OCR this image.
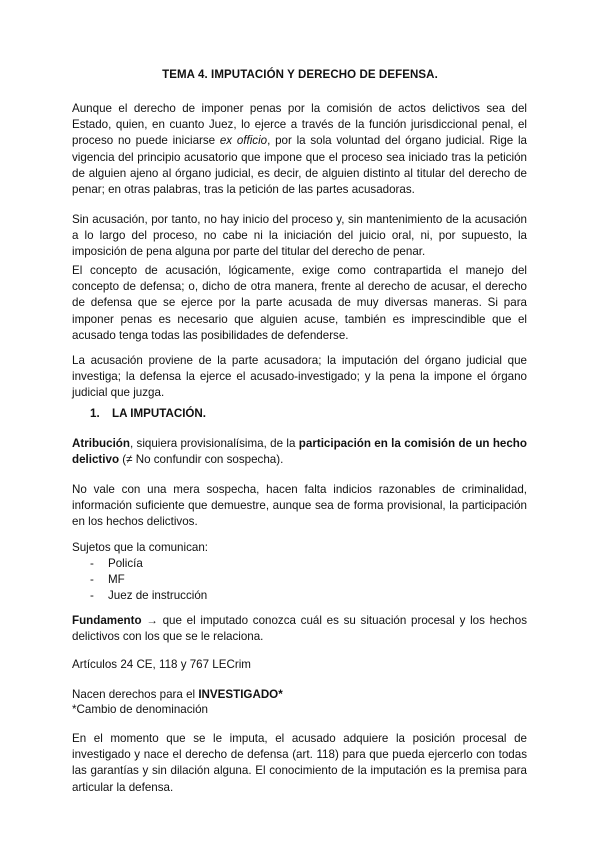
TEMA 4. IMPUTACIÓN Y DERECHO DE DEFENSA.

Aunque el derecho de imponer penas por la comisión de actos delictivos sea del Estado, quien, en cuanto Juez, lo ejerce a través de la función jurisdiccional penal, el proceso no puede iniciarse ex officio, por la sola voluntad del órgano judicial. Rige la vigencia del principio acusatorio que impone que el proceso sea iniciado tras la petición de alguien ajeno al órgano judicial, es decir, de alguien distinto al titular del derecho de penar; en otras palabras, tras la petición de las partes acusadoras.

Sin acusación, por tanto, no hay inicio del proceso y, sin mantenimiento de la acusación a lo largo del proceso, no cabe ni la iniciación del juicio oral, ni, por supuesto, la imposición de pena alguna por parte del titular del derecho de penar.

El concepto de acusación, lógicamente, exige como contrapartida el manejo del concepto de defensa; o, dicho de otra manera, frente al derecho de acusar, el derecho de defensa que se ejerce por la parte acusada de muy diversas maneras. Si para imponer penas es necesario que alguien acuse, también es imprescindible que el acusado tenga todas las posibilidades de defenderse.

La acusación proviene de la parte acusadora; la imputación del órgano judicial que investiga; la defensa la ejerce el acusado-investigado; y la pena la impone el órgano judicial que juzga.

1. LA IMPUTACIÓN.

Atribución, siquiera provisionalísima, de la participación en la comisión de un hecho delictivo (≠ No confundir con sospecha).

No vale con una mera sospecha, hacen falta indicios razonables de criminalidad, información suficiente que demuestre, aunque sea de forma provisional, la participación en los hechos delictivos.

Sujetos que la comunican:

-	Policía
-	MF
-	Juez de instrucción

Fundamento → que el imputado conozca cuál es su situación procesal y los hechos delictivos con los que se le relaciona.

Artículos 24 CE, 118 y 767 LECrim

Nacen derechos para el INVESTIGADO*

*Cambio de denominación

En el momento que se le imputa, el acusado adquiere la posición procesal de investigado y nace el derecho de defensa (art. 118) para que pueda ejercerlo con todas las garantías y sin dilación alguna. El conocimiento de la imputación es la premisa para articular la defensa.
